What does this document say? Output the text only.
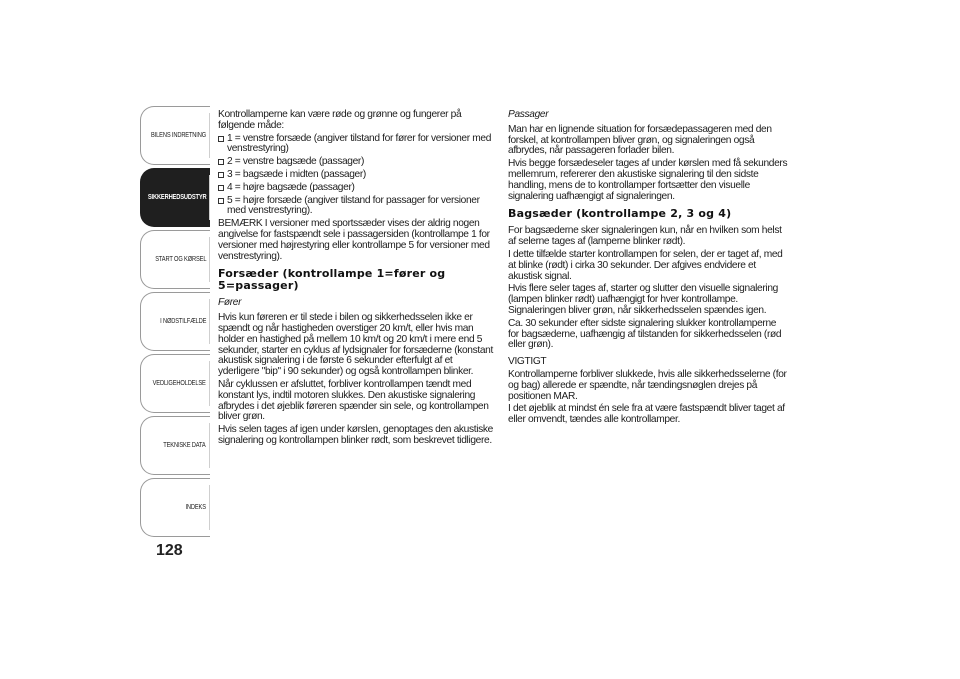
BILENS INDRETNING
SIKKERHEDSUDSTYR
START OG KØRSEL
I NØDSTILFÆLDE
VEDLIGEHOLDELSE
TEKNISKE DATA
INDEKS
128

Kontrollamperne kan være røde og grønne og fungerer på følgende måde:

1 = venstre forsæde (angiver tilstand for fører for versioner med venstrestyring)
2 = venstre bagsæde (passager)
3 = bagsæde i midten (passager)
4 = højre bagsæde (passager)
5 = højre forsæde (angiver tilstand for passager for versioner med venstrestyring).

BEMÆRK I versioner med sportssæder vises der aldrig nogen angivelse for fastspændt sele i passagersiden (kontrollampe 1 for versioner med højrestyring eller kontrollampe 5 for versioner med venstrestyring).

Forsæder (kontrollampe 1=fører og 5=passager)

Fører

Hvis kun føreren er til stede i bilen og sikkerhedsselen ikke er spændt og når hastigheden overstiger 20 km/t, eller hvis man holder en hastighed på mellem 10 km/t og 20 km/t i mere end 5 sekunder, starter en cyklus af lydsignaler for forsæderne (konstant akustisk signalering i de første 6 sekunder efterfulgt af et yderligere "bip" i 90 sekunder) og også kontrollampen blinker.

Når cyklussen er afsluttet, forbliver kontrollampen tændt med konstant lys, indtil motoren slukkes. Den akustiske signalering afbrydes i det øjeblik føreren spænder sin sele, og kontrollampen bliver grøn.

Hvis selen tages af igen under kørslen, genoptages den akustiske signalering og kontrollampen blinker rødt, som beskrevet tidligere.

Passager

Man har en lignende situation for forsædepassageren med den forskel, at kontrollampen bliver grøn, og signaleringen også afbrydes, når passageren forlader bilen.

Hvis begge forsædeseler tages af under kørslen med få sekunders mellemrum, refererer den akustiske signalering til den sidste handling, mens de to kontrollamper fortsætter den visuelle signalering uafhængigt af signaleringen.

Bagsæder (kontrollampe 2, 3 og 4)

For bagsæderne sker signaleringen kun, når en hvilken som helst af selerne tages af (lamperne blinker rødt).

I dette tilfælde starter kontrollampen for selen, der er taget af, med at blinke (rødt) i cirka 30 sekunder. Der afgives endvidere et akustisk signal.

Hvis flere seler tages af, starter og slutter den visuelle signalering (lampen blinker rødt) uafhængigt for hver kontrollampe. Signaleringen bliver grøn, når sikkerhedsselen spændes igen.

Ca. 30 sekunder efter sidste signalering slukker kontrollamperne for bagsæderne, uafhængig af tilstanden for sikkerhedsselen (rød eller grøn).

VIGTIGT

Kontrollamperne forbliver slukkede, hvis alle sikkerhedsselerne (for og bag) allerede er spændte, når tændingsnøglen drejes på positionen MAR.

I det øjeblik at mindst én sele fra at være fastspændt bliver taget af eller omvendt, tændes alle kontrollamper.
